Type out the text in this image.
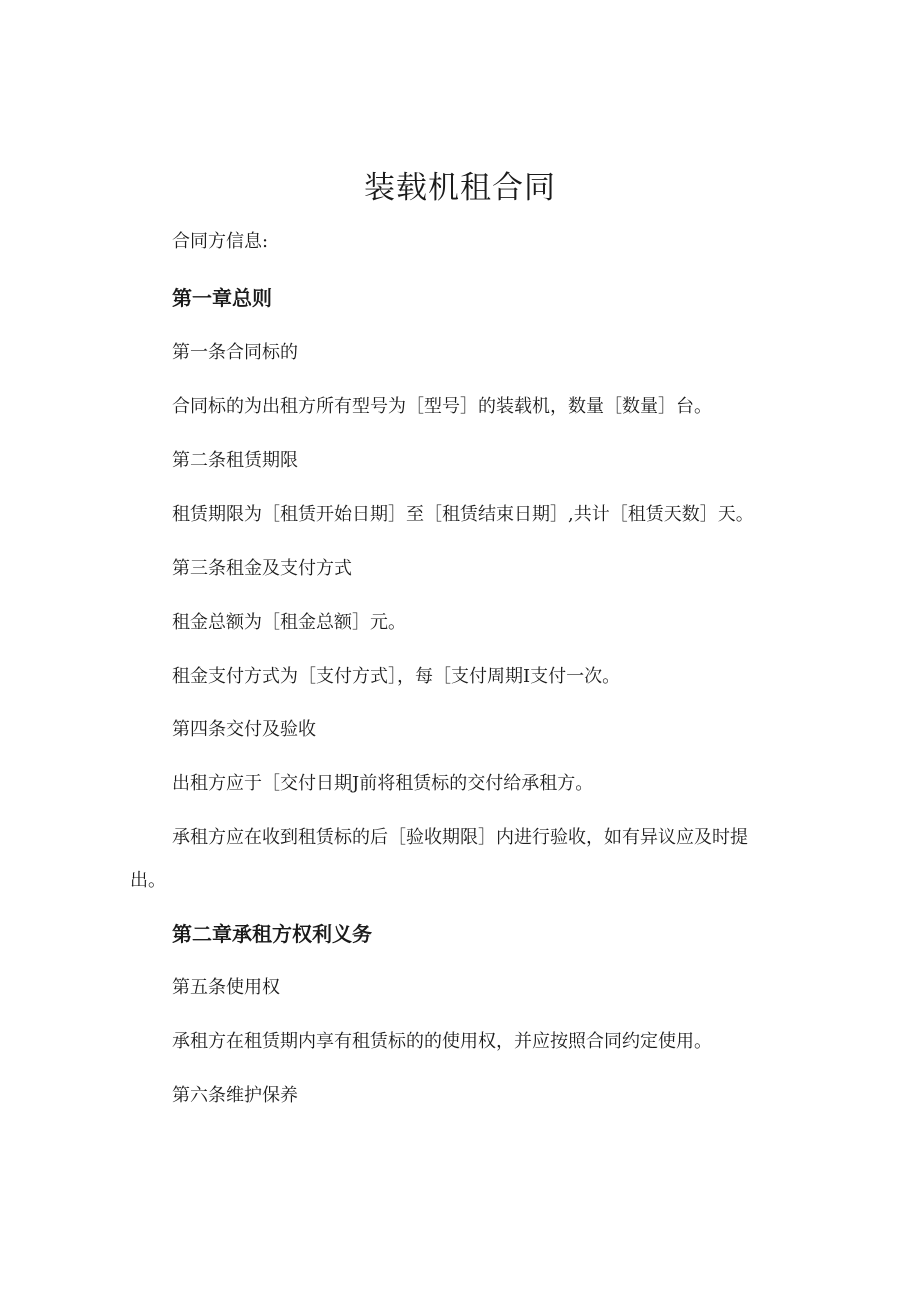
装载机租合同

合同方信息:

第一章总则

第一条合同标的

合同标的为出租方所有型号为［型号］的装载机，数量［数量］台。

第二条租赁期限

租赁期限为［租赁开始日期］至［租赁结束日期］,共计［租赁天数］天。

第三条租金及支付方式

租金总额为［租金总额］元。

租金支付方式为［支付方式］，每［支付周期I支付一次。

第四条交付及验收

出租方应于［交付日期J前将租赁标的交付给承租方。

承租方应在收到租赁标的后［验收期限］内进行验收，如有异议应及时提

出。

第二章承租方权利义务

第五条使用权

承租方在租赁期内享有租赁标的的使用权，并应按照合同约定使用。

第六条维护保养
